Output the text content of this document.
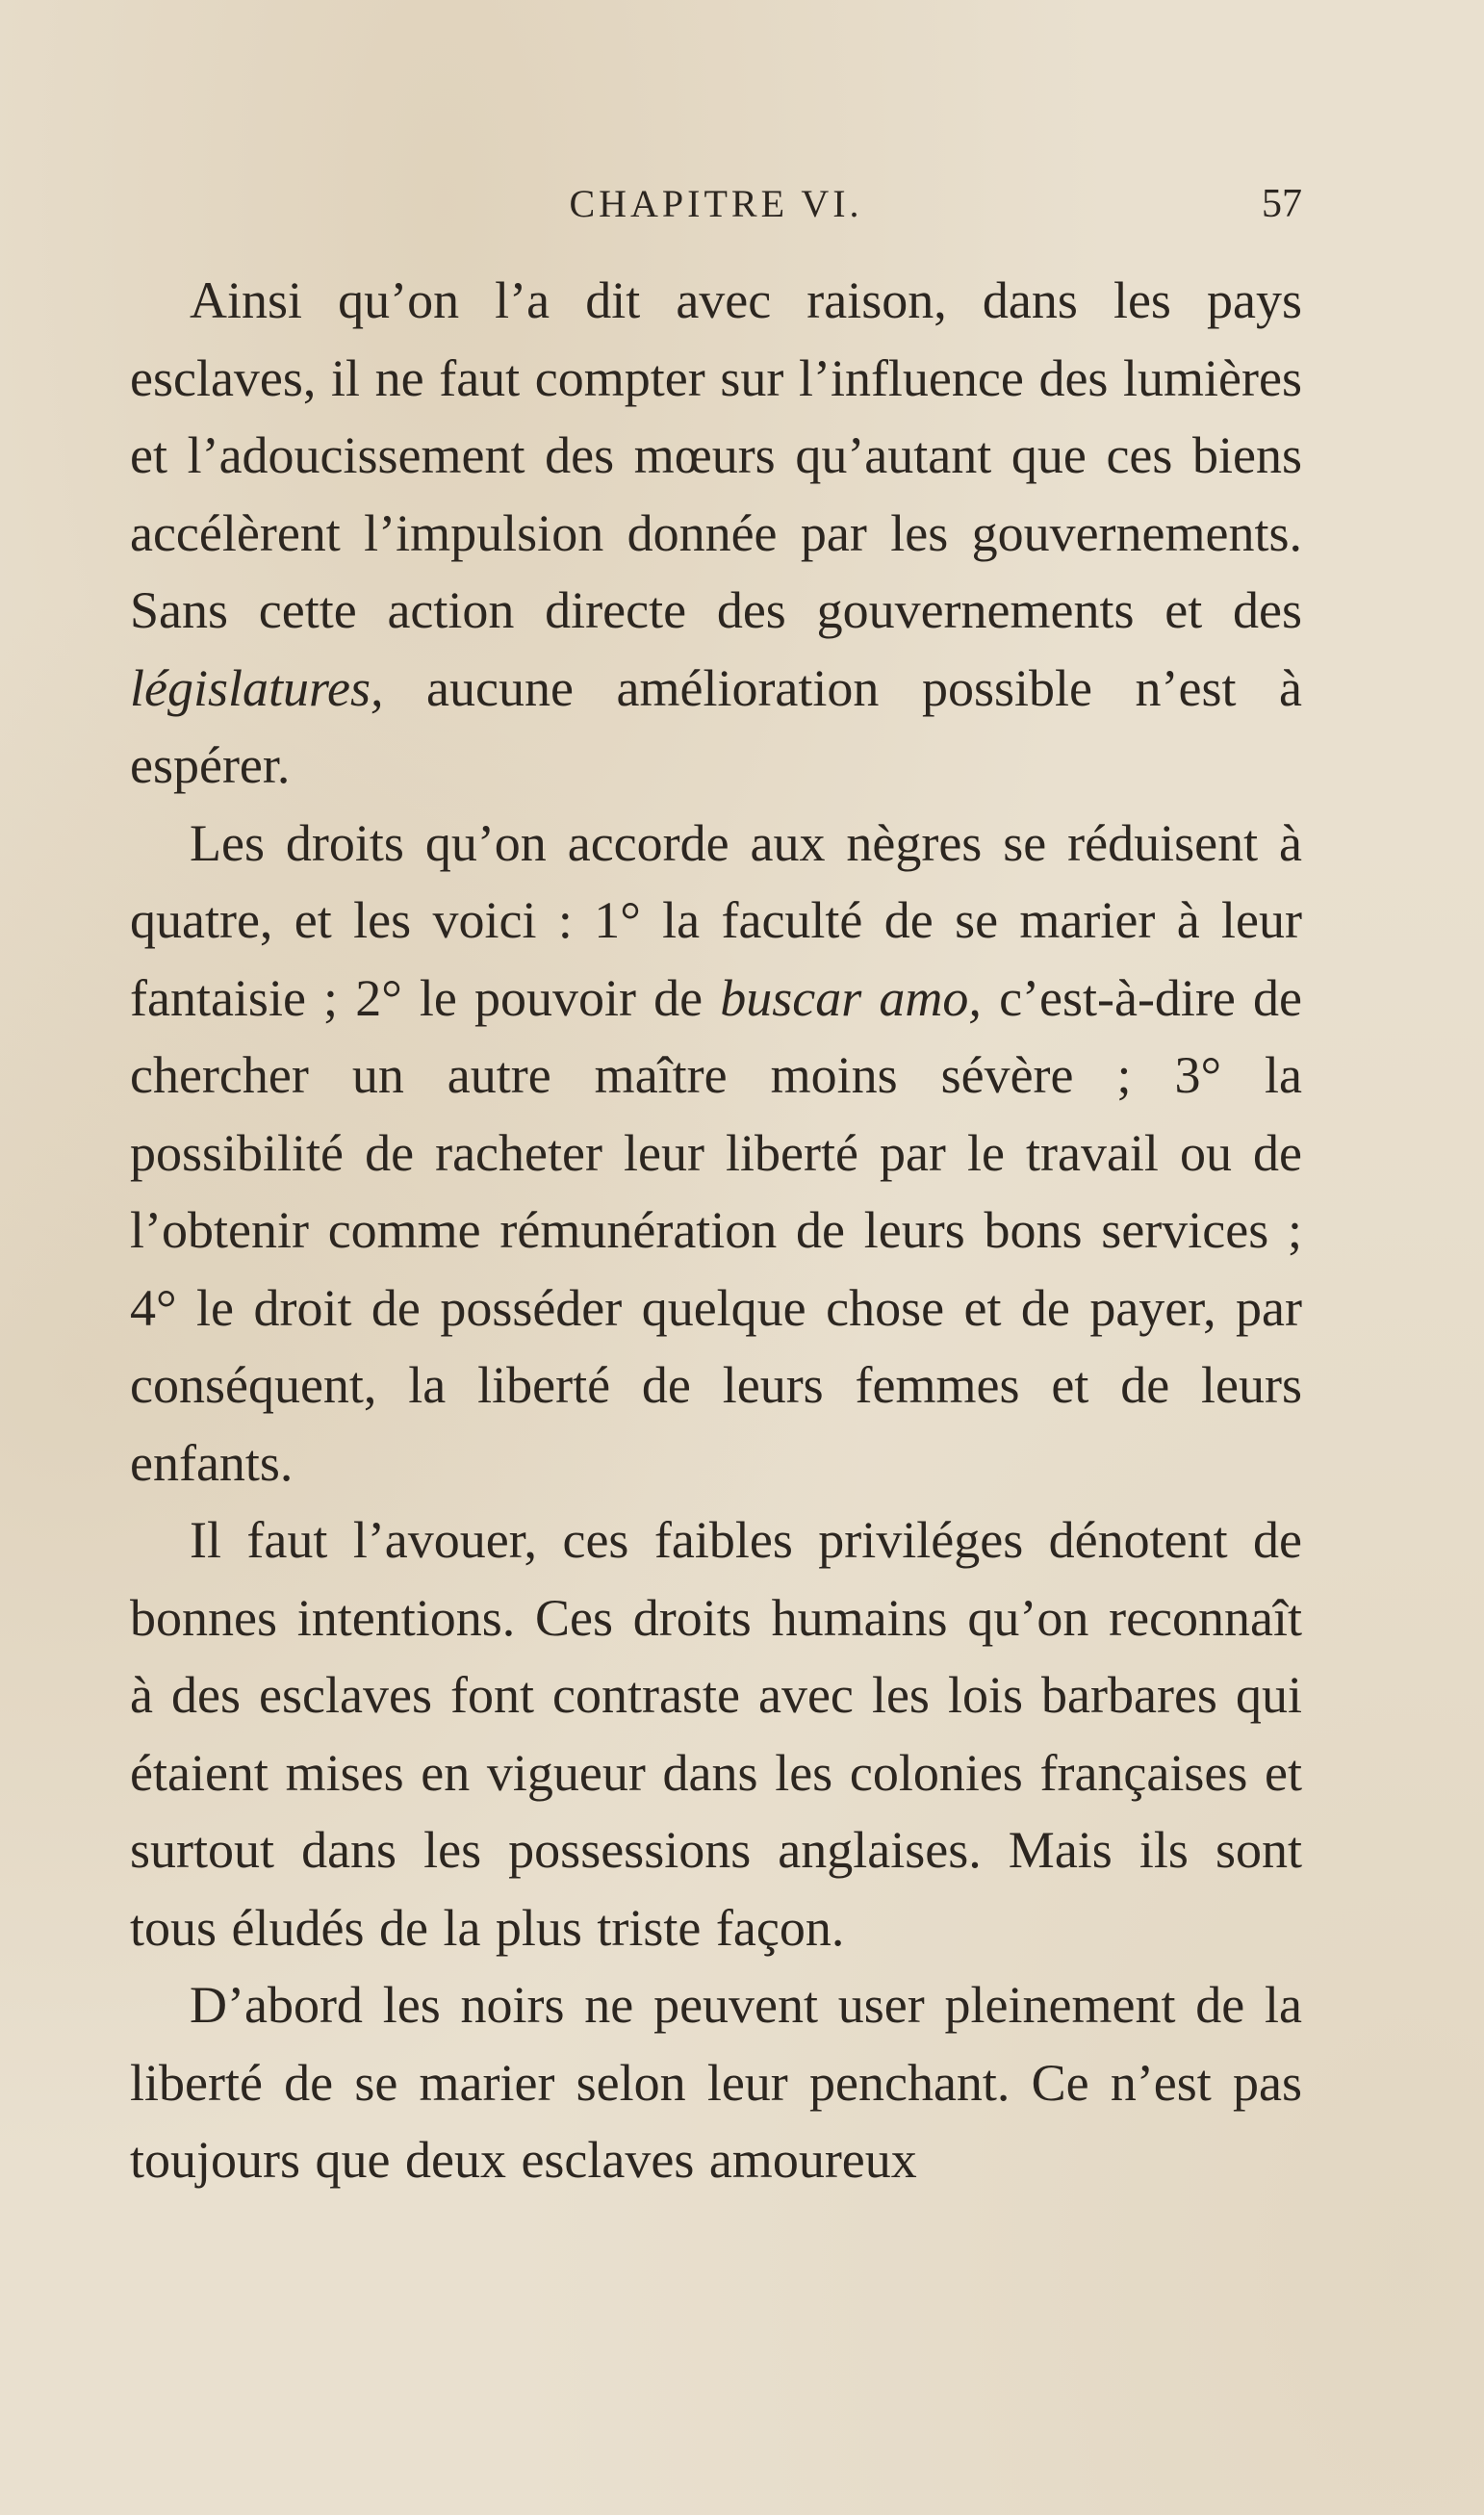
CHAPITRE VI.	57

Ainsi qu’on l’a dit avec raison, dans les pays esclaves, il ne faut compter sur l’influence des lumières et l’adoucissement des mœurs qu’autant que ces biens accélèrent l’impulsion donnée par les gouvernements. Sans cette action directe des gouvernements et des législatures, aucune amélioration possible n’est à espérer.

Les droits qu’on accorde aux nègres se réduisent à quatre, et les voici : 1° la faculté de se marier à leur fantaisie ; 2° le pouvoir de buscar amo, c’est-à-dire de chercher un autre maître moins sévère ; 3° la possibilité de racheter leur liberté par le travail ou de l’obtenir comme rémunération de leurs bons services ; 4° le droit de posséder quelque chose et de payer, par conséquent, la liberté de leurs femmes et de leurs enfants.

Il faut l’avouer, ces faibles priviléges dénotent de bonnes intentions. Ces droits humains qu’on reconnaît à des esclaves font contraste avec les lois barbares qui étaient mises en vigueur dans les colonies françaises et surtout dans les possessions anglaises. Mais ils sont tous éludés de la plus triste façon.

D’abord les noirs ne peuvent user pleinement de la liberté de se marier selon leur penchant. Ce n’est pas toujours que deux esclaves amoureux
